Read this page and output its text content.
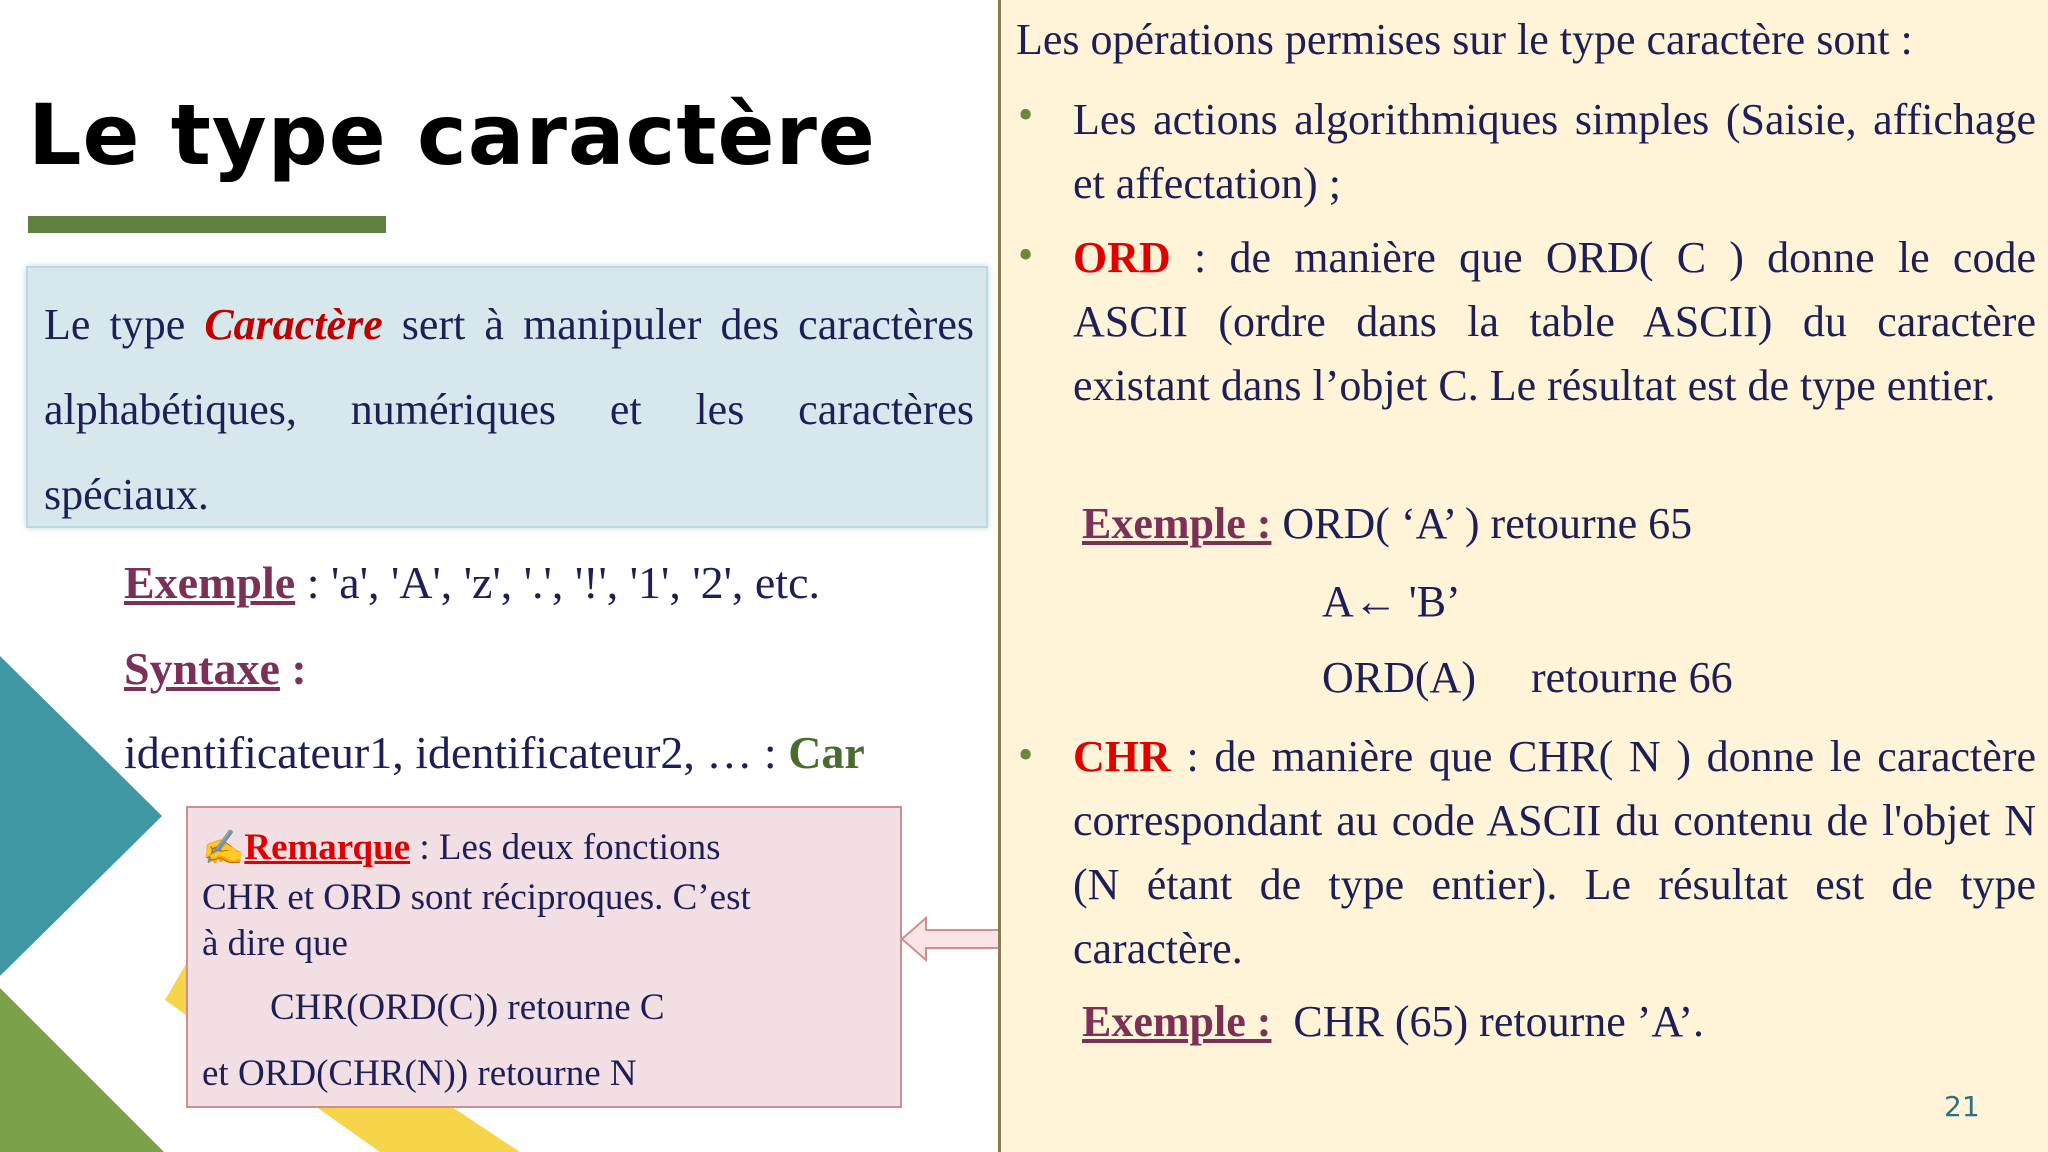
Le type caractère
Le type Caractère sert à manipuler des caractères alphabétiques, numériques et les caractères spéciaux.
Exemple : 'a', 'A', 'z', '.', '!', '1', '2', etc.
Syntaxe :
identificateur1, identificateur2, … : Car
✍Remarque : Les deux fonctions
CHR et ORD sont réciproques. C’est
à dire que
CHR(ORD(C)) retourne C
et ORD(CHR(N)) retourne N
Les opérations permises sur le type caractère sont :
• Les actions algorithmiques simples (Saisie, affichage et affectation) ;
• ORD : de manière que ORD( C ) donne le code ASCII (ordre dans la table ASCII) du caractère existant dans l’objet C. Le résultat est de type entier.
Exemple : ORD( ‘A’ ) retourne 65
A← 'B’
ORD(A)     retourne 66
• CHR : de manière que CHR( N ) donne le caractère correspondant au code ASCII du contenu de l'objet N (N étant de type entier). Le résultat est de type caractère.
Exemple :  CHR (65) retourne ’A’.
21
